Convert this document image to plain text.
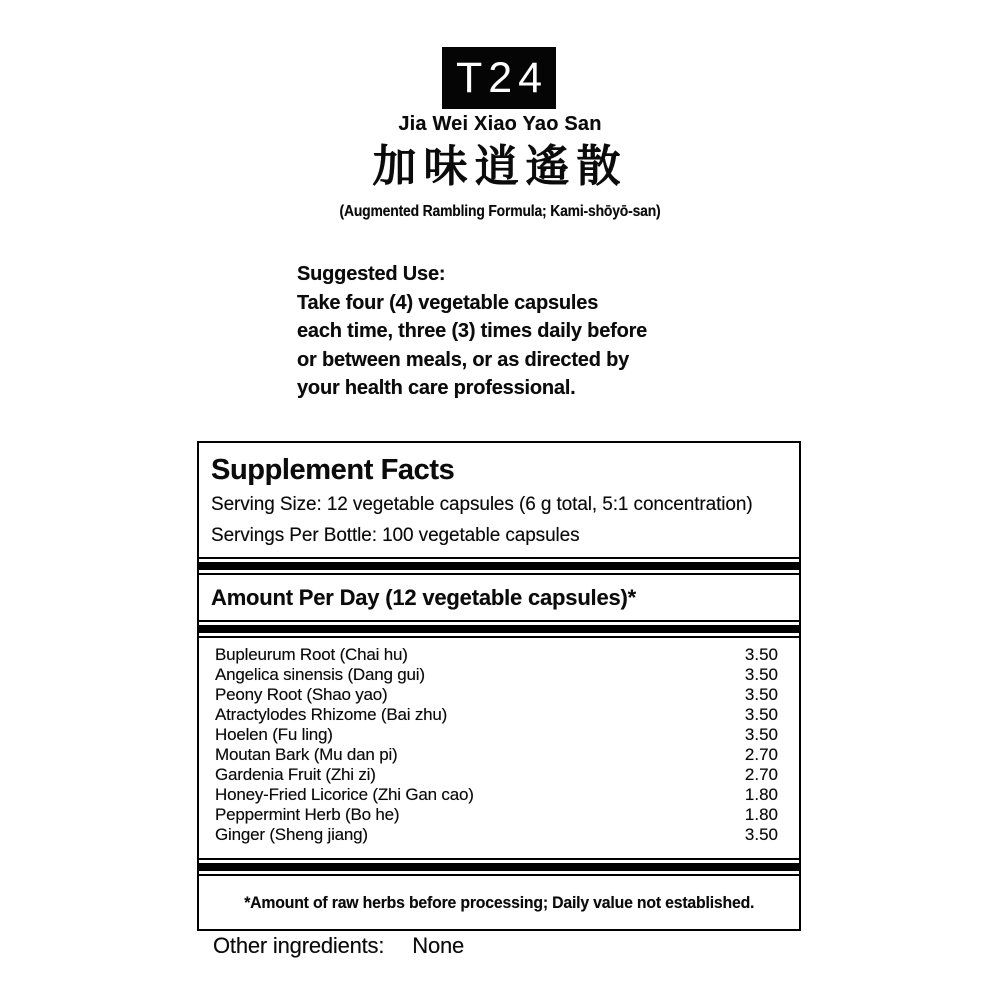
T24
Jia Wei Xiao Yao San
加味逍遙散
(Augmented Rambling Formula; Kami-shōyō-san)
Suggested Use:
Take four (4) vegetable capsules
each time, three (3) times daily before
or between meals, or as directed by
your health care professional.
Supplement Facts
Serving Size: 12 vegetable capsules (6 g total, 5:1 concentration)
Servings Per Bottle: 100 vegetable capsules
Amount Per Day (12 vegetable capsules)*
Bupleurum Root (Chai hu)	3.50
Angelica sinensis (Dang gui)	3.50
Peony Root (Shao yao)	3.50
Atractylodes Rhizome (Bai zhu)	3.50
Hoelen (Fu ling)	3.50
Moutan Bark (Mu dan pi)	2.70
Gardenia Fruit (Zhi zi)	2.70
Honey-Fried Licorice (Zhi Gan cao)	1.80
Peppermint Herb (Bo he)	1.80
Ginger (Sheng jiang)	3.50
*Amount of raw herbs before processing; Daily value not established.
Other ingredients: None
